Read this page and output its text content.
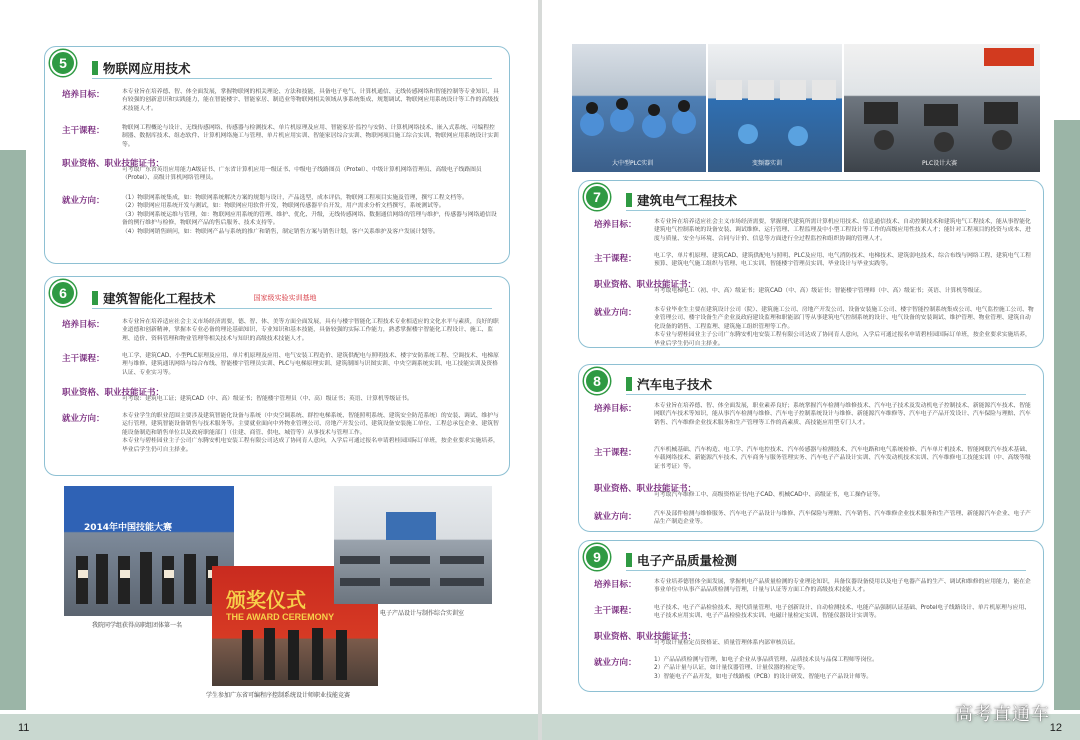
11
5	物联网应用技术
培养目标：	本专业旨在培养德、智、体全面发展，掌握物联网的相关理论、方法和技能，具备电子电气、计算机通信、无线传感网络和智能控制等专业知识，具有较强的创新意识和实践能力，能在智能楼宇、智能家居、制造业等物联网相关领域从事系统集成、规划调试、物联网应用系统设计等工作的高级技术技能人才。
主干课程：	物联网工程概论与设计、无线传感网络、传感器与检测技术、单片机原理及应用、智能家居·监控与安防、计算机网络技术、嵌入式系统、可编程控制器、数据库技术、组态软件、计算机网络施工与管理、单片机应用实训、智能家居综合实训、物联网项目施工综合实训、物联网应用系统设计实训等。
职业资格、职业技能证书：
可考取广东省英语应用能力A级证书、广东省计算机应用一级证书、中级电子线路图员（Protel）、中级计算机网络管理员、高级电子线路图员（Protel）、高级计算机网络管理员。
就业方向：	（1）物联网系统集成，如：物联网系统解决方案的规划与设计，产品选型，成本评估，物联网工程项目实施及管理，撰写工程文档等。

（2）物联网应用系统开发与测试，如：物联网应用软件开发，物联网传感器平台开发，用户需求分析文档撰写，系统测试等。

（3）物联网系统运维与管理，如：物联网应用系统的管理、维护、优化、升级，无线传感网络、数据通信网络的管理与维护，传感器与网络通信设备的例行维护与检修，物联网产品的售后服务、技术支持等。

（4）物联网销售顾问，如：物联网产品与系统的推广和销售，制定销售方案与销售计划，客户关系维护及客户发展计划等。

6	建筑智能化工程技术	国家级实验实训基地
培养目标：	本专业旨在培养适应社会主义市场经济需要，德、智、体、美等方面全面发展，具有与楼宇智能化工程技术专业相适应的文化水平与素质，良好的职业道德和创新精神，掌握本专业必备的理论基础知识，专业知识和基本技能，具备较强的实际工作能力，熟悉掌握楼宇智能化工程设计、施工、监理、造价、资料管理和物业管理等相关技术与知识的高级技术技能人才。
主干课程：	电工学、建筑CAD、小型PLC原理及应用、单片机原理及应用、电气安装工程造价、建筑供配电与照明技术、楼宇安防系统工程、空调技术、电梯原理与维修、建筑通讯网络与综合布线、智能楼宇管理员实训、PLC与电梯原理实训、建筑制图与识图实训、中央空调系统实训、电工技能实训及资格认证、专业实习等。
职业资格、职业技能证书：
可考取：建筑电工证；建筑CAD（中、高）级证书；智能楼宇管理员（中、高）级证书；英语、计算机等级证书。
就业方向：	本专业学生的职业范围主要涉及建筑智能化设备与系统（中央空调系统、群控电梯系统、智能照明系统、建筑安全防范系统）的安装、调试、维护与运行管理，建筑智能设备销售与技术服务等。主要就业面向中外物业管理公司、房地产开发公司、建筑设备安装施工单位、工程总承包企业、建筑智能设备制造和销售单位以及政府职能部门（住建、商管、供电、城管等）从事技术与管理工作。

本专业与碧桂园业主子公司广东腾安机电安装工程有限公司达成了协同育人意向，入学后可通过报名申请碧桂园国际订单班，按企业要求实施培养，毕业后学生仍可自主择业。

2014年中国技能大赛
我院同学组获得高职组团体第一名
颁奖仪式
THE AWARD CEREMONY
学生参加广东省可编程序控制系统设计师职业技能竞赛
电子产品设计与制作综合实训室
12
大中型PLC实训	变频器实训	PLC设计大赛
7	建筑电气工程技术
培养目标：	本专业旨在培养适应社会主义市场经济需要，掌握现代建筑所需计算机应用技术、信息通信技术、自动控制技术和建筑电气工程技术，能从事智能化建筑电气控制系统的设备安装、调试维修、运行管理、工程监理及中小型工程设计等工作的高级应用性技术人才；能针对工程项目的投资与成本、进度与质量、安全与环境、合同与计价、信息等方面进行全过程监控和组织协调的管理人才。
主干课程：	电工学、单片机原理、建筑CAD、建筑供配电与照明、PLC及应用、电气消防技术、电梯技术、建筑弱电技术、综合布线与网络工程、建筑电气工程预算、建筑电气施工组织与管理、电工实训、智能楼宇管理员实训、毕业设计与毕业实践等。
职业资格、职业技能证书：
可考取电梯电工（初、中、高）级证书；建筑CAD（中、高）级证书；智能楼宇管理师（中、高）级证书；英语、计算机等级证。
就业方向：	本专业毕业生主要在建筑设计公司（院）、建筑施工公司、房地产开发公司、设备安装施工公司、楼宇智能控制系统集成公司、电气监控施工公司、物业管理公司、楼宇设备生产企业及政府建设监理和职能部门等从事建筑电气控制系统的设计、电气设备的安装调试、维护管理、物业管理、建筑自动化设备的销售、工程监理、建筑施工组织管理等工作。

本专业与碧桂园业主子公司广东腾安机电安装工程有限公司达成了协同育人意向，入学后可通过报名申请碧桂园国际订单班，按企业要求实施培养，毕业后学生仍可自主择业。

8	汽车电子技术
培养目标：	本专业旨在培养德、智、体全面发展，职业素养良好；系统掌握汽车检测与维修技术、汽车电子技术及发动机电子控制技术、新能源汽车技术、智能网联汽车技术等知识，能从事汽车检测与维修、汽车电子控制系统设计与维修、新能源汽车维修等、汽车电子产品开发设计、汽车保险与理赔、汽车销售、汽车维修企业技术服务和生产管理等工作的高素质、高技能应用型专门人才。
主干课程：	汽车机械基础、汽车构造、电工学、汽车电控技术、汽车传感器与检测技术、汽车电路和电气系统检修、汽车单片机技术、智能网联汽车技术基础、车载网络技术、新能源汽车技术、汽车商务与服务管理实务、汽车电子产品设计实训、汽车发动机技术实训、汽车维修电工技能实训（中、高级等级证书考证）等。
职业资格、职业技能证书：
可考取汽车维修工中、高级资格证书/电子CAD、机械CAD中、高级证书，电工操作证等。
就业方向：	汽车及部件检测与维修服务、汽车电子产品设计与维修、汽车保险与理赔、汽车销售、汽车维修企业技术服务和生产管理、新能源汽车企业、电子产品生产制造企业等。

9	电子产品质量检测
培养目标：	本专业培养德智体全面发展，掌握机电产品质量检测的专业理论知识，具备仪器设备使用以及电子电器产品的生产、调试和维修的应用能力，能在企事业单位中从事产品品质检测与管理，计量与认证等方面工作的高级技术技能人才。
主干课程：	电子技术、电子产品检验技术、现代质量管理、电子创新设计、自动检测技术、电能产品强制认证基础、Protel电子线路设计、单片机原理与应用、电子技术应用实训、电子产品检验技术实训、电磁计量检定实训、智能仪器设计实训等。
职业资格、职业技能证书：
可考取计量检定员资格证、质量管理体系内部审核员证。
就业方向：	1）产品品质检测与管理，如电子企业从事品质管理、品质技术员与品保工程师等岗位。

2）产品计量与认证，如计量仪器管理、计量仪器的检定等。

3）智能电子产品开发，如电子线路板（PCB）的设计研发、智能电子产品设计师等。

高考直通车
